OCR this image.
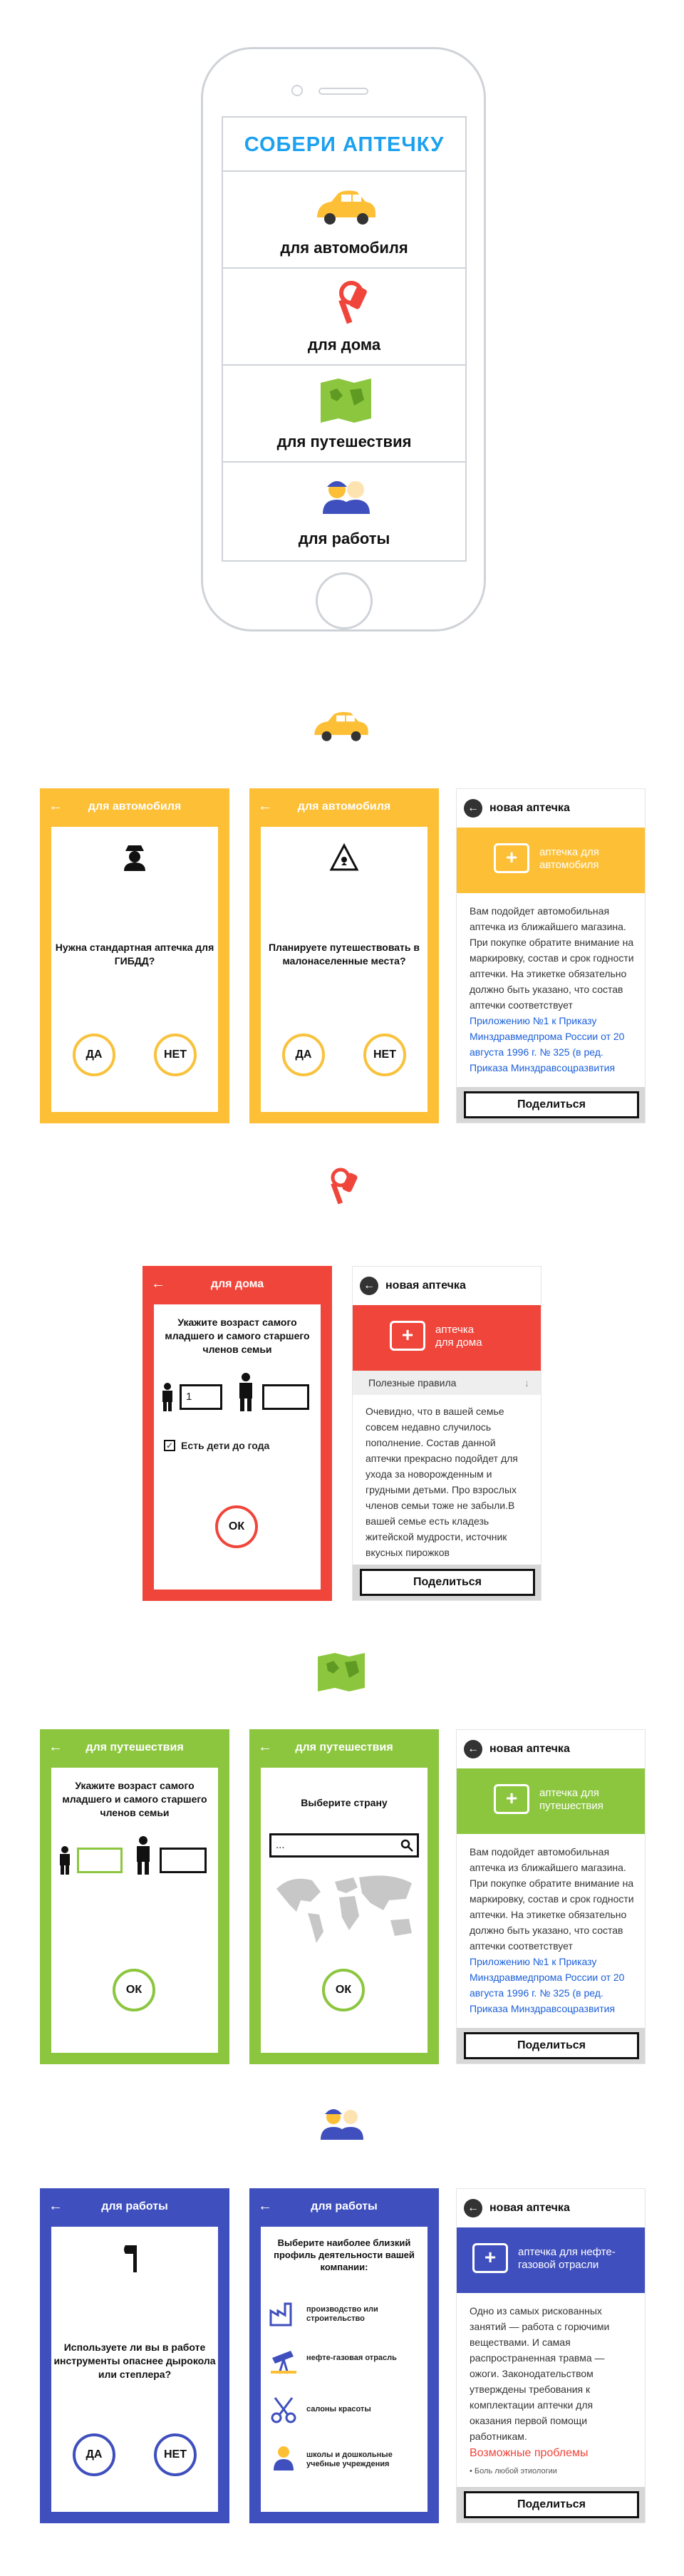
СОБЕРИ АПТЕЧКУ
для автомобиля
для дома
для путешествия
для работы
←	для автомобиля
Нужна стандартная аптечка для ГИБДД?
ДА	НЕТ
←	для автомобиля
Планируете путешествовать в малонаселенные места?
ДА	НЕТ
← новая аптечка
+	аптечка для автомобиля
Вам подойдет автомобильная аптечка из ближайшего магазина. При покупке обратите внимание на маркировку, состав и срок годности аптечки. На этикетке обязательно должно быть указано, что состав аптечки соответствует Приложению №1 к Приказу Минздравмедпрома России от 20 августа 1996 г. № 325 (в ред. Приказа Минздравсоцразвития
Поделиться
←	для дома
Укажите возраст самого младшего и самого старшего членов семьи
1
✓ Есть дети до года
ОК
← новая аптечка
+	аптечка для дома
Полезные правила	↓
Очевидно, что в вашей семье совсем недавно случилось пополнение. Состав данной аптечки прекрасно подойдет для ухода за новорожденным и грудными детьми. Про взрослых членов семьи тоже не забыли.В вашей семье есть кладезь житейской мудрости, источник вкусных пирожков
Поделиться
←	для путешествия
Укажите возраст самого младшего и самого старшего членов семьи
ОК
←	для путешествия
Выберите страну
...
ОК
← новая аптечка
+	аптечка для путешествия
Вам подойдет автомобильная аптечка из ближайшего магазина. При покупке обратите внимание на маркировку, состав и срок годности аптечки. На этикетке обязательно должно быть указано, что состав аптечки соответствует Приложению №1 к Приказу Минздравмедпрома России от 20 августа 1996 г. № 325 (в ред. Приказа Минздравсоцразвития
Поделиться
←	для работы
Используете ли вы в работе инструменты опаснее дырокола или степлера?
ДА	НЕТ
←	для работы
Выберите наиболее близкий профиль деятельности вашей компании:
производство или строительство
нефте-газовая отрасль
салоны красоты
школы и дошкольные учебные учреждения
← новая аптечка
+	аптечка для нефте-газовой отрасли
Одно из самых рискованных занятий — работа с горючими веществами. И самая распространенная травма — ожоги. Законодательством утверждены требования к комплектации аптечки для оказания первой помощи работникам.
Возможные проблемы
• Боль любой этиологии
Поделиться
